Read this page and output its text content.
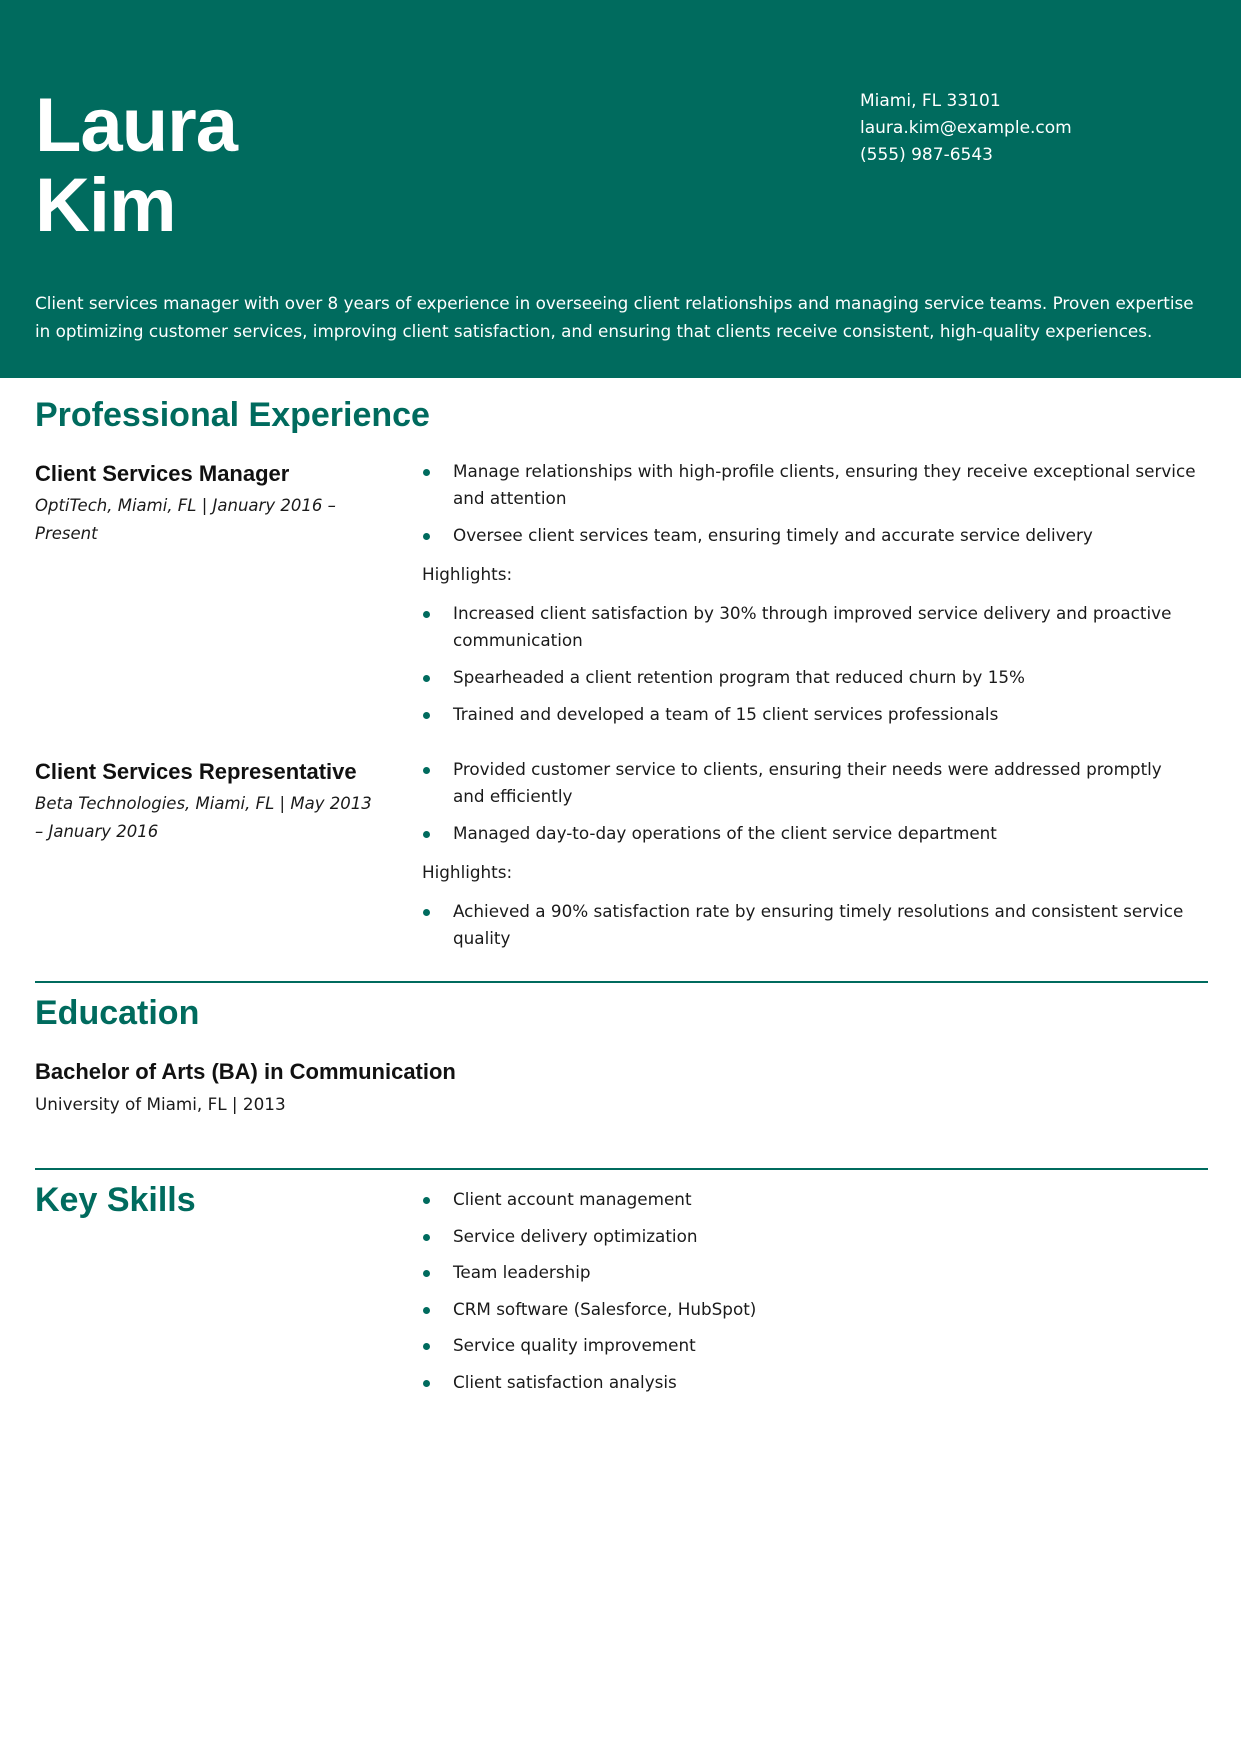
Laura
Kim
Miami, FL 33101
laura.kim@example.com
(555) 987-6543

Client services manager with over 8 years of experience in overseeing client relationships and managing service teams. Proven expertise in optimizing customer services, improving client satisfaction, and ensuring that clients receive consistent, high-quality experiences.

Professional Experience
Client Services Manager
OptiTech, Miami, FL | January 2016 – Present
Manage relationships with high-profile clients, ensuring they receive exceptional service and attention
Oversee client services team, ensuring timely and accurate service delivery
Highlights:
Increased client satisfaction by 30% through improved service delivery and proactive communication
Spearheaded a client retention program that reduced churn by 15%
Trained and developed a team of 15 client services professionals
Client Services Representative
Beta Technologies, Miami, FL | May 2013 – January 2016
Provided customer service to clients, ensuring their needs were addressed promptly and efficiently
Managed day-to-day operations of the client service department
Highlights:
Achieved a 90% satisfaction rate by ensuring timely resolutions and consistent service quality
Education
Bachelor of Arts (BA) in Communication
University of Miami, FL | 2013
Key Skills	Client account management
Service delivery optimization
Team leadership
CRM software (Salesforce, HubSpot)
Service quality improvement
Client satisfaction analysis
